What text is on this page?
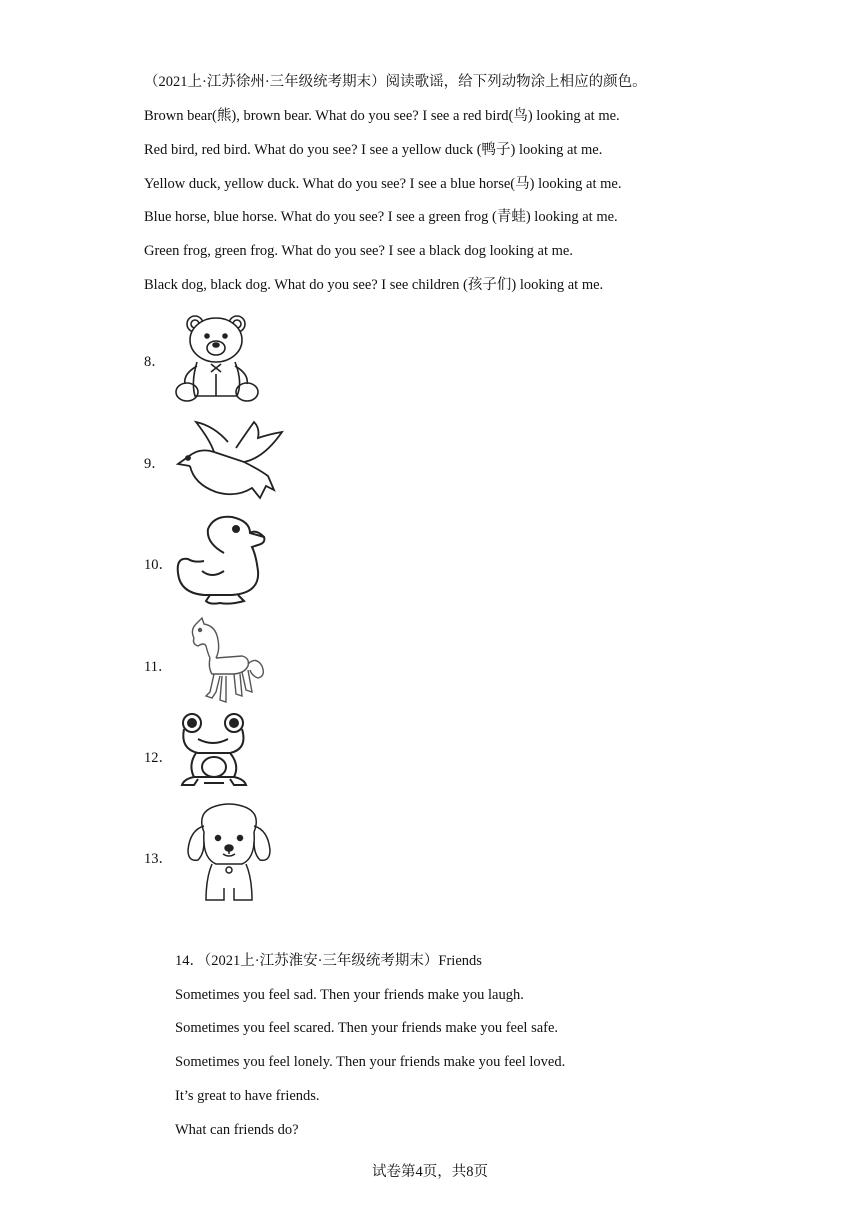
（2021上·江苏徐州·三年级统考期末）阅读歌谣，给下列动物涂上相应的颜色。
Brown bear(熊), brown bear. What do you see? I see a red bird(鸟) looking at me.
Red bird, red bird. What do you see? I see a yellow duck (鸭子) looking at me.
Yellow duck, yellow duck. What do you see? I see a blue horse(马) looking at me.
Blue horse, blue horse. What do you see? I see a green frog (青蛙) looking at me.
Green frog, green frog. What do you see? I see a black dog looking at me.
Black dog, black dog. What do you see? I see children (孩子们) looking at me.
8．
9．
10．
11．
12．
13．
14．（2021上·江苏淮安·三年级统考期末）Friends
Sometimes you feel sad. Then your friends make you laugh.
Sometimes you feel scared. Then your friends make you feel safe.
Sometimes you feel lonely. Then your friends make you feel loved.
It’s great to have friends.
What can friends do?
试卷第4页，共8页
